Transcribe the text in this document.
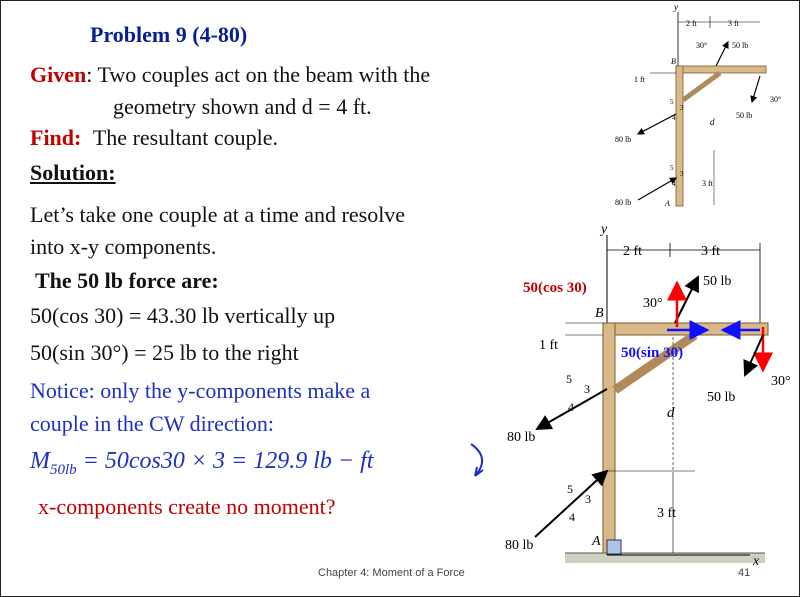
Problem 9 (4-80)
Given: Two couples act on the beam with the
geometry shown and d = 4 ft.
Find: The resultant couple.
Solution:
Let’s take one couple at a time and resolve
into x-y components.
The 50 lb force are:
50(cos 30) = 43.30 lb vertically up
50(sin 30°) = 25 lb to the right
Notice: only the y-components make a
couple in the CW direction:
$M_{50lb} = 50\cos 30 \times 3 = 129.9$ lb − ft
x-components create no moment?
Chapter 4: Moment of a Force	41
y
2 ft	3 ft
30°	50 lb
B
1 ft
30°
50 lb
d
80 lb
5
3
4
80 lb
5
3
4	3 ft
A
y
x
2 ft	3 ft
B
1 ft
30°
50 lb
30°
50 lb
d
80 lb
5
3
4
80 lb
5
3
4	3 ft
A
50(cos 30)
50(sin 30)
